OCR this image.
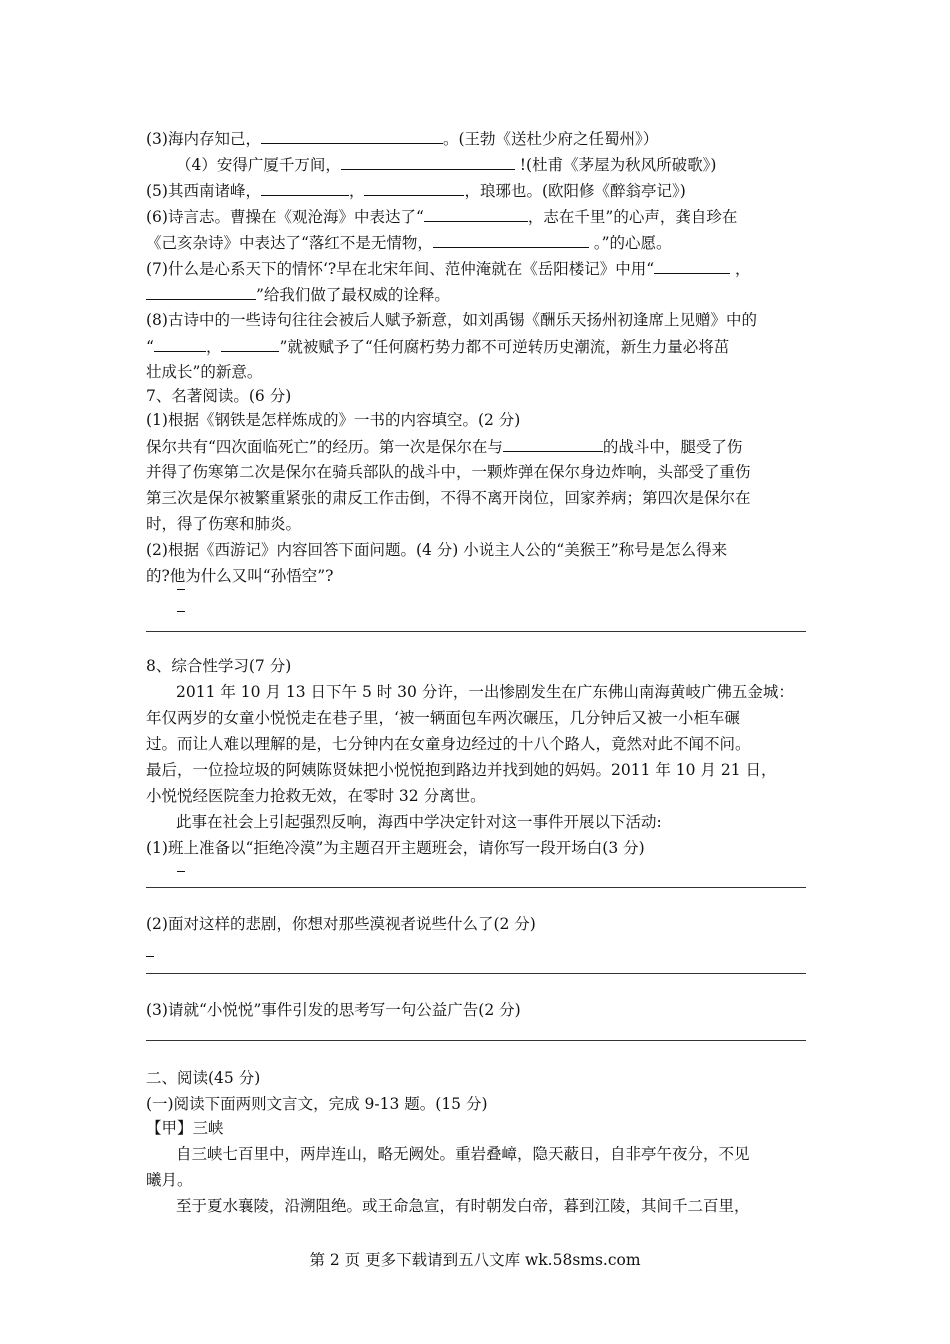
(3)海内存知己，	。(王勃《送杜少府之任蜀州》）
（4）安得广厦千万间，	!(杜甫《茅屋为秋风所破歌》)
(5)其西南诸峰，	，	，琅琊也。(欧阳修《醉翁亭记》)
(6)诗言志。曹操在《观沧海》中表达了“	，志在千里”的心声，龚自珍在
《己亥杂诗》中表达了“落红不是无情物，	。”的心愿。
(7)什么是心系天下的情怀‘?早在北宋年间、范仲淹就在《岳阳楼记》中用“	，
”给我们做了最权威的诠释。
(8)古诗中的一些诗句往往会被后人赋予新意，如刘禹锡《酬乐天扬州初逢席上见赠》中的
“	，	”就被赋予了“任何腐朽势力都不可逆转历史潮流，新生力量必将茁
壮成长”的新意。
7、名著阅读。(6 分)
(1)根据《钢铁是怎样炼成的》一书的内容填空。(2 分)
保尔共有“四次面临死亡”的经历。第一次是保尔在与	的战斗中，腿受了伤
并得了伤寒第二次是保尔在骑兵部队的战斗中，一颗炸弹在保尔身边炸响，头部受了重伤
第三次是保尔被繁重紧张的肃反工作击倒，不得不离开岗位，回家养病；第四次是保尔在
时，得了伤寒和肺炎。
(2)根据《西游记》内容回答下面问题。(4 分) 小说主人公的“美猴王”称号是怎么得来
的?他为什么又叫“孙悟空”?
8、综合性学习(7 分)
2011 年 10 月 13 日下午 5 时 30 分许，一出惨剧发生在广东佛山南海黄岐广佛五金城：
年仅两岁的女童小悦悦走在巷子里，‘被一辆面包车两次碾压，几分钟后又被一小柜车碾
过。而让人难以理解的是，七分钟内在女童身边经过的十八个路人，竟然对此不闻不问。
最后，一位捡垃圾的阿姨陈贤妹把小悦悦抱到路边并找到她的妈妈。2011 年 10 月 21 日，
小悦悦经医院奎力抢救无效，在零时 32 分离世。
此事在社会上引起强烈反响，海西中学决定针对这一事件开展以下活动:
(1)班上准备以“拒绝冷漠”为主题召开主题班会，请你写一段开场白(3 分)
(2)面对这样的悲剧，你想对那些漠视者说些什么了(2 分)
(3)请就“小悦悦”事件引发的思考写一句公益广告(2 分)
二、阅读(45 分)
(一)阅读下面两则文言文，完成 9-13 题。(15 分)
【甲】三峡
自三峡七百里中，两岸连山，略无阙处。重岩叠嶂，隐天蔽日，自非亭午夜分，不见
曦月。
至于夏水襄陵，沿溯阻绝。或王命急宣，有时朝发白帝，暮到江陵，其间千二百里，
第 2 页 更多下载请到五八文库 wk.58sms.com
